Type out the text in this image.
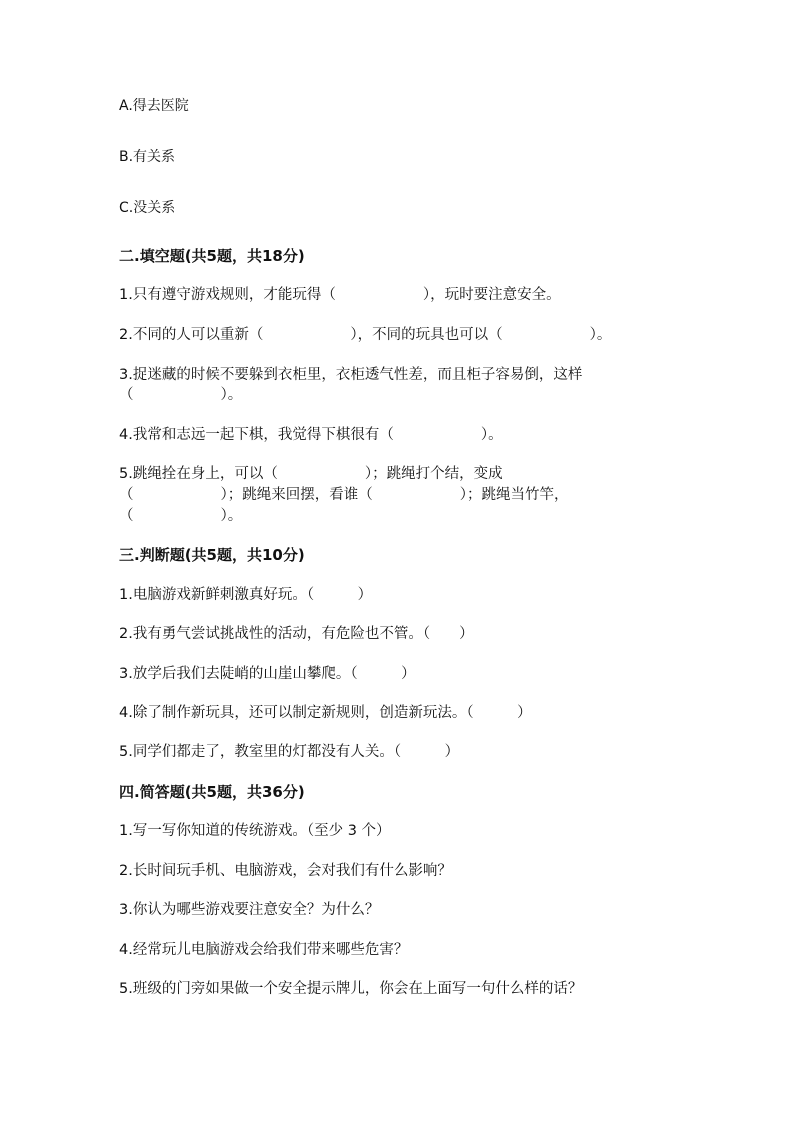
A.得去医院
B.有关系
C.没关系
二.填空题(共5题，共18分)
1.只有遵守游戏规则，才能玩得（　　　　　　），玩时要注意安全。
2.不同的人可以重新（　　　　　　），不同的玩具也可以（　　　　　　）。
3.捉迷藏的时候不要躲到衣柜里，衣柜透气性差，而且柜子容易倒，这样
（　　　　　　）。
4.我常和志远一起下棋，我觉得下棋很有（　　　　　　）。
5.跳绳拴在身上，可以（　　　　　　）；跳绳打个结，变成
（　　　　　　）；跳绳来回摆，看谁（　　　　　　）；跳绳当竹竿，
（　　　　　　）。
三.判断题(共5题，共10分)
1.电脑游戏新鲜刺激真好玩。（　　　）
2.我有勇气尝试挑战性的活动，有危险也不管。（　　）
3.放学后我们去陡峭的山崖山攀爬。（　　　）
4.除了制作新玩具，还可以制定新规则，创造新玩法。（　　　）
5.同学们都走了，教室里的灯都没有人关。（　　　）
四.简答题(共5题，共36分)
1.写一写你知道的传统游戏。（至少 3 个）
2.长时间玩手机、电脑游戏，会对我们有什么影响？
3.你认为哪些游戏要注意安全？为什么？
4.经常玩儿电脑游戏会给我们带来哪些危害？
5.班级的门旁如果做一个安全提示牌儿，你会在上面写一句什么样的话？
